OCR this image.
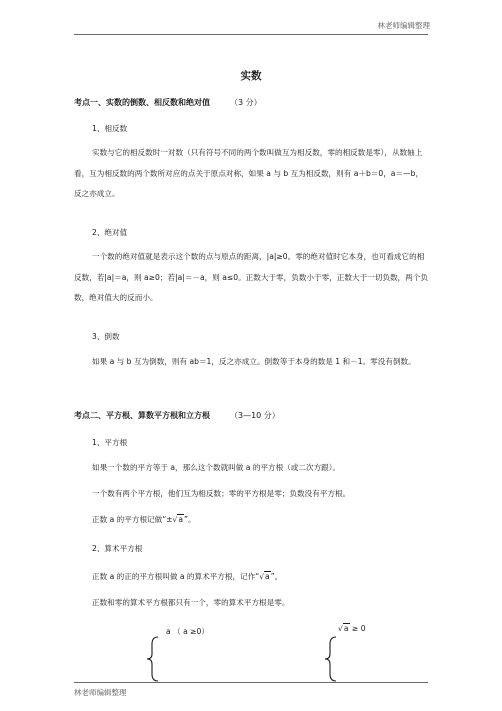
林老师编辑整理
实数
考点一、实数的倒数、相反数和绝对值	（3 分）
1、相反数
实数与它的相反数时一对数（只有符号不同的两个数叫做互为相反数，零的相反数是零），从数轴上看，互为相反数的两个数所对应的点关于原点对称，如果 a 与 b 互为相反数，则有 a＋b＝0，a＝—b，反之亦成立。
2、绝对值
一个数的绝对值就是表示这个数的点与原点的距离，|a|≥0。零的绝对值时它本身，也可看成它的相反数，若|a|＝a，则 a≥0；若|a|＝－a，则 a≤0。正数大于零，负数小于零，正数大于一切负数，两个负数，绝对值大的反而小。
3、倒数
如果 a 与 b 互为倒数，则有 ab＝1，反之亦成立。倒数等于本身的数是 1 和－1。零没有倒数。
考点二、平方根、算数平方根和立方根	（3—10 分）
1、平方根
如果一个数的平方等于 a，那么这个数就叫做 a 的平方根（或二次方跟）。
一个数有两个平方根，他们互为相反数；零的平方根是零；负数没有平方根。
正数 a 的平方根记做“±√a”。
2、算术平方根
正数 a 的正的平方根叫做 a 的算术平方根，记作“√a”。
正数和零的算术平方根都只有一个，零的算术平方根是零。
a （ a ≥0）	√a ≥ 0
林老师编辑整理
